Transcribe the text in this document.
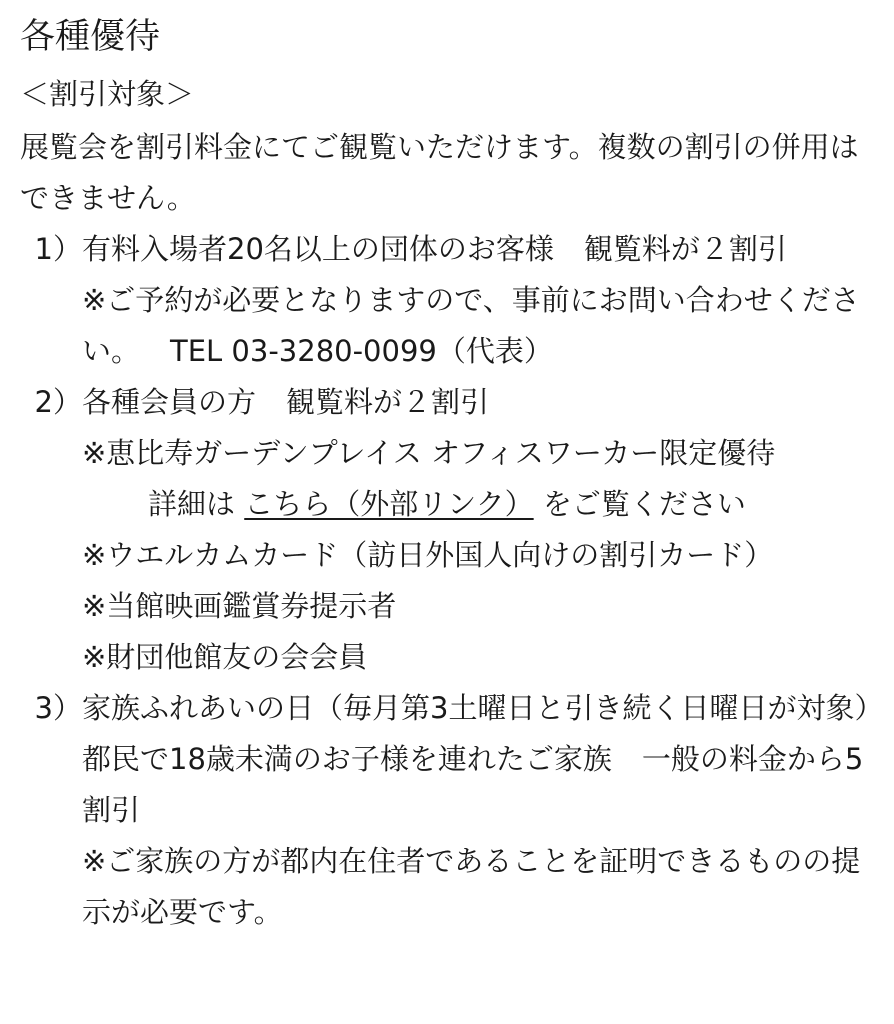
各種優待
＜割引対象＞

展覧会を割引料金にてご観覧いただけます。複数の割引の併用はできません。

1） 有料入場者20名以上の団体のお客様 観覧料が２割引
※ご予約が必要となりますので、事前にお問い合わせください。 TEL 03-3280-0099（代表）
2） 各種会員の方 観覧料が２割引
※恵比寿ガーデンプレイス オフィスワーカー限定優待
詳細は こちら（外部リンク） をご覧ください
※ウエルカムカード（訪日外国人向けの割引カード）
※当館映画鑑賞券提示者
※財団他館友の会会員
3） 家族ふれあいの日（毎月第3土曜日と引き続く日曜日が対象）
都民で18歳未満のお子様を連れたご家族 一般の料金から5割引
※ご家族の方が都内在住者であることを証明できるものの提示が必要です。
